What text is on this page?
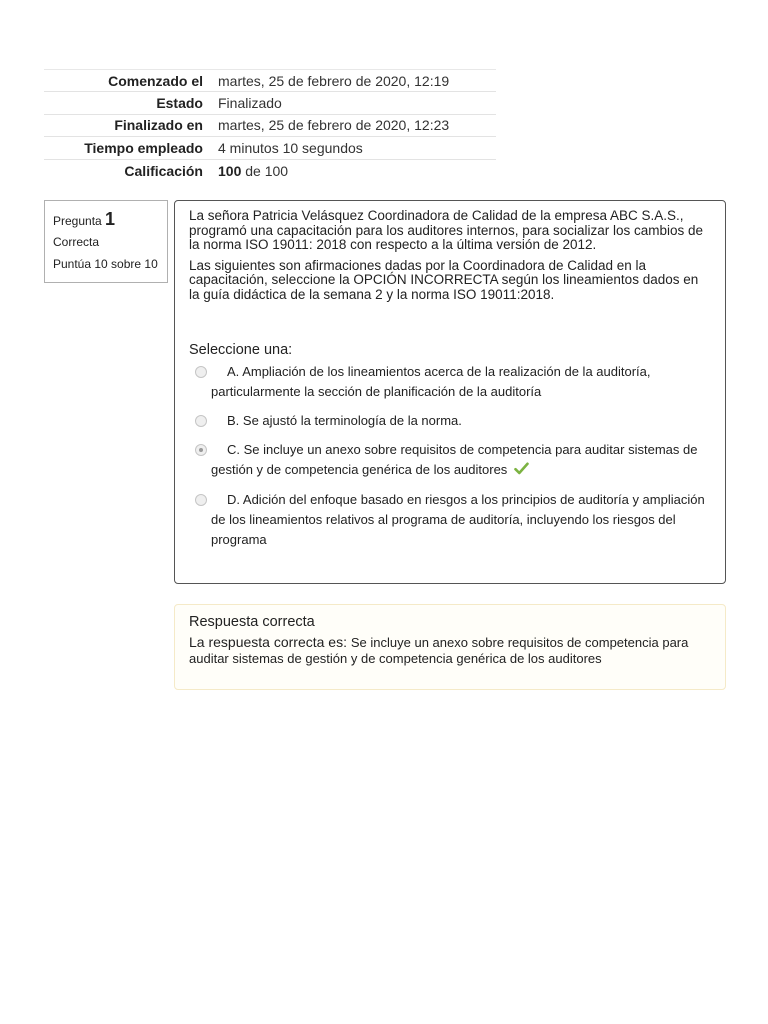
Comenzado el	martes, 25 de febrero de 2020, 12:19
Estado	Finalizado
Finalizado en	martes, 25 de febrero de 2020, 12:23
Tiempo empleado	4 minutos 10 segundos
Calificación	100 de 100
Pregunta 1
Correcta
Puntúa 10 sobre 10

La señora Patricia Velásquez Coordinadora de Calidad de la empresa ABC S.A.S., programó una capacitación para los auditores internos, para socializar los cambios de la norma ISO 19011: 2018 con respecto a la última versión de 2012.

Las siguientes son afirmaciones dadas por la Coordinadora de Calidad en la capacitación, seleccione la OPCIÓN INCORRECTA según los lineamientos dados en la guía didáctica de la semana 2 y la norma ISO 19011:2018.

Seleccione una:
A. Ampliación de los lineamientos acerca de la realización de la auditoría, particularmente la sección de planificación de la auditoría
B. Se ajustó la terminología de la norma.
C. Se incluye un anexo sobre requisitos de competencia para auditar sistemas de gestión y de competencia genérica de los auditores
D. Adición del enfoque basado en riesgos a los principios de auditoría y ampliación de los lineamientos relativos al programa de auditoría, incluyendo los riesgos del programa
Respuesta correcta
La respuesta correcta es: Se incluye un anexo sobre requisitos de competencia para auditar sistemas de gestión y de competencia genérica de los auditores
